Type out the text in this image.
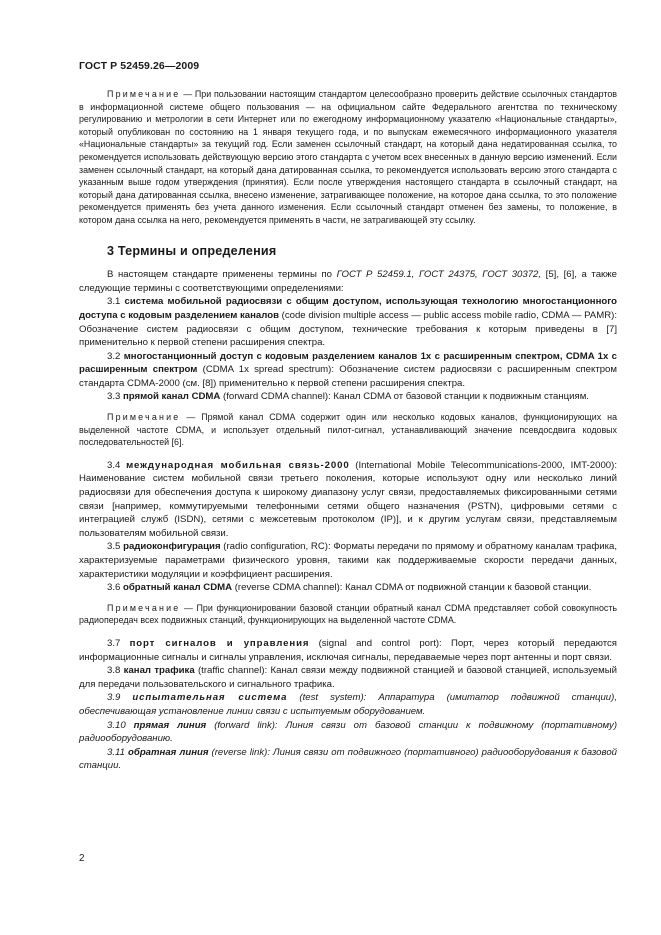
ГОСТ Р 52459.26—2009

Примечание — При пользовании настоящим стандартом целесообразно проверить действие ссылочных стандартов в информационной системе общего пользования — на официальном сайте Федерального агентства по техническому регулированию и метрологии в сети Интернет или по ежегодному информационному указателю «Национальные стандарты», который опубликован по состоянию на 1 января текущего года, и по выпускам ежемесячного информационного указателя «Национальные стандарты» за текущий год. Если заменен ссылочный стандарт, на который дана недатированная ссылка, то рекомендуется использовать действующую версию этого стандарта с учетом всех внесенных в данную версию изменений. Если заменен ссылочный стандарт, на который дана датированная ссылка, то рекомендуется использовать версию этого стандарта с указанным выше годом утверждения (принятия). Если после утверждения настоящего стандарта в ссылочный стандарт, на который дана датированная ссылка, внесено изменение, затрагивающее положение, на которое дана ссылка, то это положение рекомендуется применять без учета данного изменения. Если ссылочный стандарт отменен без замены, то положение, в котором дана ссылка на него, рекомендуется применять в части, не затрагивающей эту ссылку.

3 Термины и определения

В настоящем стандарте применены термины по ГОСТ Р 52459.1, ГОСТ 24375, ГОСТ 30372, [5], [6], а также следующие термины с соответствующими определениями:

3.1 система мобильной радиосвязи с общим доступом, использующая технологию многостанционного доступа с кодовым разделением каналов (code division multiple access — public access mobile radio, CDMA — PAMR): Обозначение систем радиосвязи с общим доступом, технические требования к которым приведены в [7] применительно к первой степени расширения спектра.

3.2 многостанционный доступ с кодовым разделением каналов 1x с расширенным спектром, CDMA 1x с расширенным спектром (CDMA 1x spread spectrum): Обозначение систем радиосвязи с расширенным спектром стандарта CDMA-2000 (см. [8]) применительно к первой степени расширения спектра.

3.3 прямой канал CDMA (forward CDMA channel): Канал CDMA от базовой станции к подвижным станциям.

Примечание — Прямой канал CDMA содержит один или несколько кодовых каналов, функционирующих на выделенной частоте CDMA, и использует отдельный пилот-сигнал, устанавливающий значение псевдосдвига кодовых последовательностей [6].

3.4 международная мобильная связь-2000 (International Mobile Telecommunications-2000, IMT-2000): Наименование систем мобильной связи третьего поколения, которые используют одну или несколько линий радиосвязи для обеспечения доступа к широкому диапазону услуг связи, предоставляемых фиксированными сетями связи [например, коммутируемыми телефонными сетями общего назначения (PSTN), цифровыми сетями с интеграцией служб (ISDN), сетями с межсетевым протоколом (IP)], и к другим услугам связи, представляемым пользователям мобильной связи.

3.5 радиоконфигурация (radio configuration, RC): Форматы передачи по прямому и обратному каналам трафика, характеризуемые параметрами физического уровня, такими как поддерживаемые скорости передачи данных, характеристики модуляции и коэффициент расширения.

3.6 обратный канал CDMA (reverse CDMA channel): Канал CDMA от подвижной станции к базовой станции.

Примечание — При функционировании базовой станции обратный канал CDMA представляет собой совокупность радиопередач всех подвижных станций, функционирующих на выделенной частоте CDMA.

3.7 порт сигналов и управления (signal and control port): Порт, через который передаются информационные сигналы и сигналы управления, исключая сигналы, передаваемые через порт антенны и порт связи.

3.8 канал трафика (traffic channel): Канал связи между подвижной станцией и базовой станцией, используемый для передачи пользовательского и сигнального трафика.

3.9 испытательная система (test system): Аппаратура (имитатор подвижной станции), обеспечивающая установление линии связи с испытуемым оборудованием.

3.10 прямая линия (forward link): Линия связи от базовой станции к подвижному (портативному) радиооборудованию.

3.11 обратная линия (reverse link): Линия связи от подвижного (портативного) радиооборудования к базовой станции.

2
